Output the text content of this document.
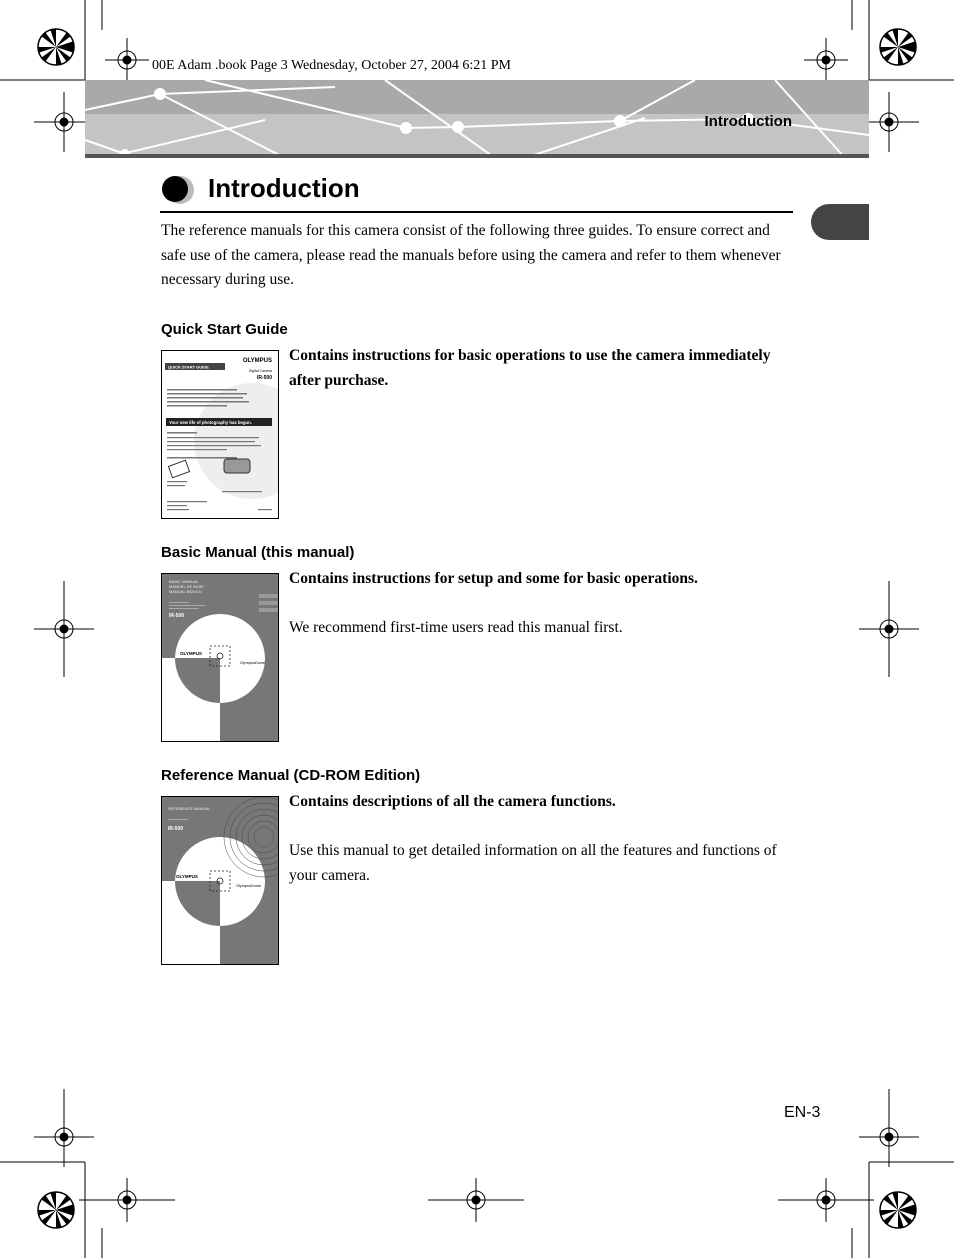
00E Adam .book Page 3 Wednesday, October 27, 2004 6:21 PM
Introduction
Introduction
The reference manuals for this camera consist of the following three guides. To ensure correct and safe use of the camera, please read the manuals before using the camera and refer to them whenever necessary during use.
Quick Start Guide
OLYMPUS
Digital Camera
IR-500
QUICK START GUIDE
Your new life of photography has begun.
Contains instructions for basic operations to use the camera immediately after purchase.
Basic Manual (this manual)
BASIC MANUAL
MANUEL DE BASE
MANUAL BÁSICO
IR-500
OLYMPUS
OlympusDome
Contains instructions for setup and some for basic operations.
We recommend first-time users read this manual first.
Reference Manual (CD-ROM Edition)
REFERENCE MANUAL
IR-500
OLYMPUS
OlympusDome
Contains descriptions of all the camera functions.
Use this manual to get detailed information on all the features and functions of your camera.
EN-3
